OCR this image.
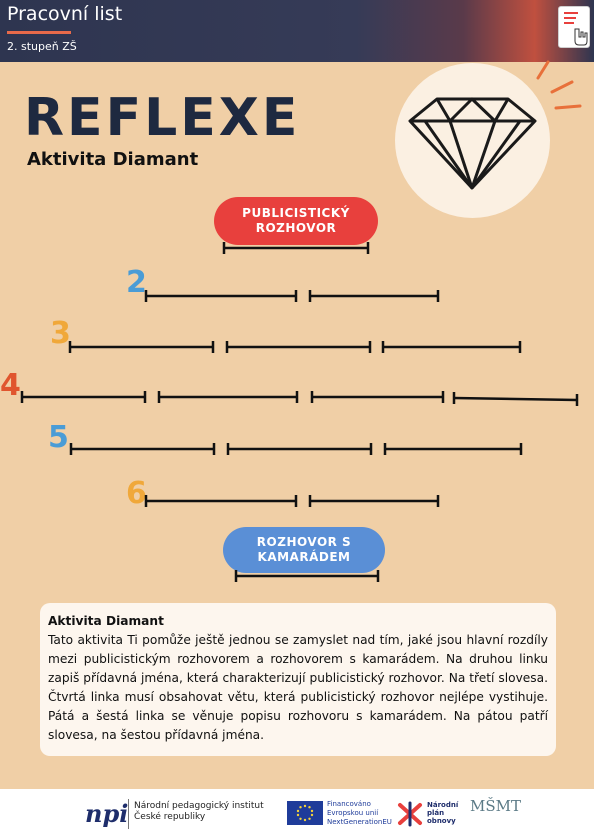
Pracovní list
2. stupeň ZŠ
REFLEXE
Aktivita Diamant
PUBLICISTICKÝ ROZHOVOR
ROZHOVOR S KAMARÁDEM
2
3
4
5
6
Aktivita Diamant
Tato aktivita Ti pomůže ještě jednou se zamyslet nad tím, jaké jsou hlavní rozdíly mezi publicistickým rozhovorem a rozhovorem s kamarádem. Na druhou linku zapiš přídavná jména, která charakterizují publicistický rozhovor. Na třetí slovesa. Čtvrtá linka musí obsahovat větu, která publicistický rozhovor nejlépe vystihuje. Pátá a šestá linka se věnuje popisu rozhovoru s kamarádem. Na pátou patří slovesa, na šestou přídavná jména.
npi Národní pedagogický institut
České republiky
Financováno
Evropskou unií
NextGenerationEU
Národní
plán
obnovy
MŠMT
